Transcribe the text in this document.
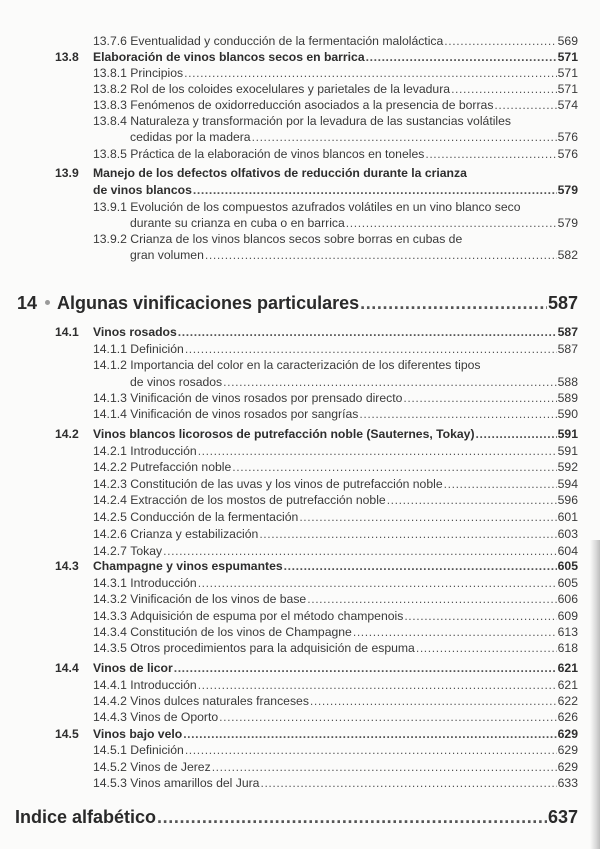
13.7.6
Eventualidad y conducción de la fermentación maloláctica .....	569
13.8 Elaboración de vinos blancos secos en barrica .....	571
13.8.1
Principios .....	571
13.8.2
Rol de los coloides exocelulares y parietales de la levadura .....	571
13.8.3
Fenómenos de oxidorreducción asociados a la presencia de borras .....	574
13.8.4
Naturaleza y transformación por la levadura de las sustancias volátiles
cedidas por la madera .....	576
13.8.5
Práctica de la elaboración de vinos blancos en toneles .....	576
13.9 Manejo de los defectos olfativos de reducción durante la crianza
de vinos blancos .....	579
13.9.1
Evolución de los compuestos azufrados volátiles en un vino blanco seco
durante su crianza en cuba o en barrica .....	579
13.9.2
Crianza de los vinos blancos secos sobre borras en cubas de
gran volumen .....	582
14 Algunas vinificaciones particulares .....	587
14.1 Vinos rosados .....	587
14.1.1
Definición .....	587
14.1.2
Importancia del color en la caracterización de los diferentes tipos
de vinos rosados .....	588
14.1.3
Vinificación de vinos rosados por prensado directo .....	589
14.1.4
Vinificación de vinos rosados por sangrías .....	590
14.2 Vinos blancos licorosos de putrefacción noble (Sauternes, Tokay) .....	591
14.2.1
Introducción .....	591
14.2.2
Putrefacción noble .....	592
14.2.3
Constitución de las uvas y los vinos de putrefacción noble .....	594
14.2.4
Extracción de los mostos de putrefacción noble .....	596
14.2.5
Conducción de la fermentación .....	601
14.2.6
Crianza y estabilización .....	603
14.2.7
Tokay .....	604
14.3 Champagne y vinos espumantes .....	605
14.3.1
Introducción .....	605
14.3.2
Vinificación de los vinos de base .....	606
14.3.3
Adquisición de espuma por el método champenois .....	609
14.3.4
Constitución de los vinos de Champagne .....	613
14.3.5
Otros procedimientos para la adquisición de espuma .....	618
14.4 Vinos de licor .....	621
14.4.1
Introducción .....	621
14.4.2
Vinos dulces naturales franceses .....	622
14.4.3
Vinos de Oporto .....	626
14.5 Vinos bajo velo .....	629
14.5.1
Definición .....	629
14.5.2
Vinos de Jerez .....	629
14.5.3
Vinos amarillos del Jura .....	633
Indice alfabético .....	637
